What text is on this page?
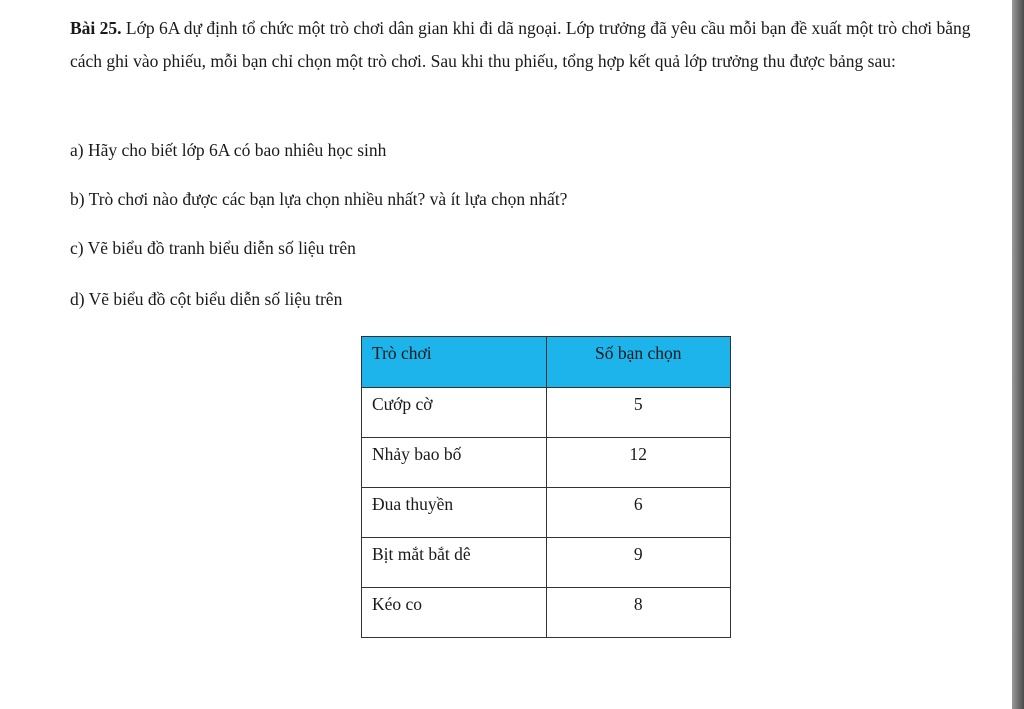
Bài 25. Lớp 6A dự định tổ chức một trò chơi dân gian khi đi dã ngoại. Lớp trưởng đã yêu cầu mỗi bạn đề xuất một trò chơi bằng cách ghi vào phiếu, mỗi bạn chỉ chọn một trò chơi. Sau khi thu phiếu, tổng hợp kết quả lớp trưởng thu được bảng sau:
a) Hãy cho biết lớp 6A có bao nhiêu học sinh
b) Trò chơi nào được các bạn lựa chọn nhiều nhất? và ít lựa chọn nhất?
c) Vẽ biểu đồ tranh biểu diễn số liệu trên
d) Vẽ biểu đồ cột biểu diễn số liệu trên
Trò chơi	Số bạn chọn
Cướp cờ	5
Nhảy bao bố	12
Đua thuyền	6
Bịt mắt bắt dê	9
Kéo co	8
